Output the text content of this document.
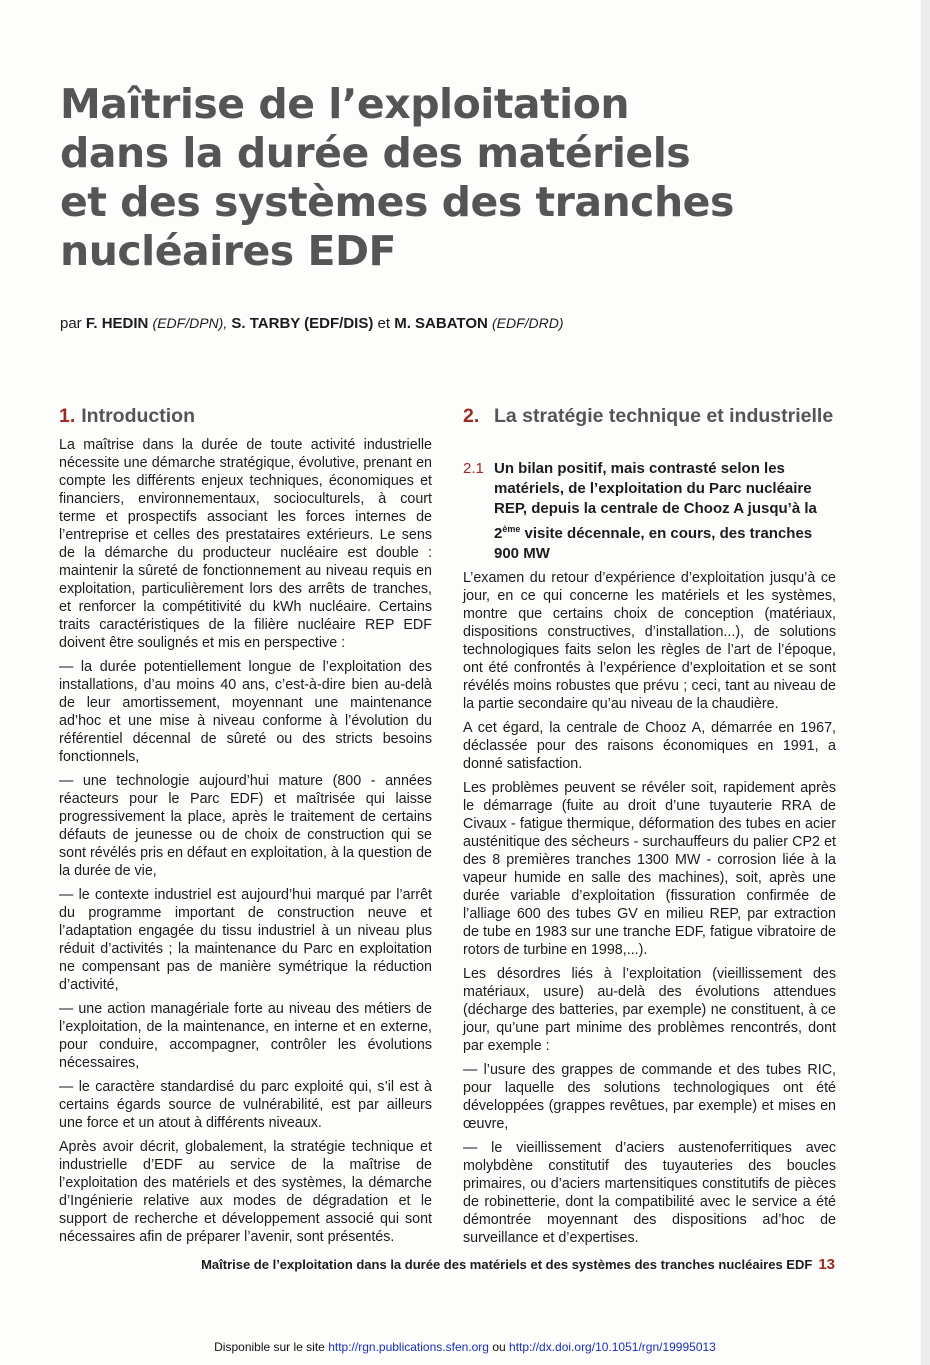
Maîtrise de l’exploitation
dans la durée des matériels
et des systèmes des tranches
nucléaires EDF
par F. HEDIN (EDF/DPN), S. TARBY (EDF/DIS) et M. SABATON (EDF/DRD)
1. Introduction

La maîtrise dans la durée de toute activité industrielle nécessite une démarche stratégique, évolutive, prenant en compte les différents enjeux techniques, économiques et financiers, environnementaux, socioculturels, à court terme et prospectifs associant les forces internes de l’entreprise et celles des prestataires extérieurs. Le sens de la démarche du producteur nucléaire est double : maintenir la sûreté de fonctionnement au niveau requis en exploitation, particulièrement lors des arrêts de tranches, et renforcer la compétitivité du kWh nucléaire. Certains traits caractéristiques de la filière nucléaire REP EDF doivent être soulignés et mis en perspective :

— la durée potentiellement longue de l’exploitation des installations, d’au moins 40 ans, c’est-à-dire bien au-delà de leur amortissement, moyennant une maintenance ad’hoc et une mise à niveau conforme à l’évolution du référentiel décennal de sûreté ou des stricts besoins fonctionnels,

— une technologie aujourd’hui mature (800 - années réacteurs pour le Parc EDF) et maîtrisée qui laisse progressivement la place, après le traitement de certains défauts de jeunesse ou de choix de construction qui se sont révélés pris en défaut en exploitation, à la question de la durée de vie,

— le contexte industriel est aujourd’hui marqué par l’arrêt du programme important de construction neuve et l’adaptation engagée du tissu industriel à un niveau plus réduit d’activités ; la maintenance du Parc en exploitation ne compensant pas de manière symétrique la réduction d’activité,

— une action managériale forte au niveau des métiers de l’exploitation, de la maintenance, en interne et en externe, pour conduire, accompagner, contrôler les évolutions nécessaires,

— le caractère standardisé du parc exploité qui, s’il est à certains égards source de vulnérabilité, est par ailleurs une force et un atout à différents niveaux.

Après avoir décrit, globalement, la stratégie technique et industrielle d’EDF au service de la maîtrise de l’exploitation des matériels et des systèmes, la démarche d’Ingénierie relative aux modes de dégradation et le support de recherche et développement associé qui sont nécessaires afin de préparer l’avenir, sont présentés.

2. La stratégie technique et industrielle
2.1 Un bilan positif, mais contrasté selon les matériels, de l’exploitation du Parc nucléaire REP, depuis la centrale de Chooz A jusqu’à la 2ème visite décennale, en cours, des tranches 900 MW

L’examen du retour d’expérience d’exploitation jusqu’à ce jour, en ce qui concerne les matériels et les systèmes, montre que certains choix de conception (matériaux, dispositions constructives, d’installation...), de solutions technologiques faits selon les règles de l’art de l’époque, ont été confrontés à l’expérience d’exploitation et se sont révélés moins robustes que prévu ; ceci, tant au niveau de la partie secondaire qu’au niveau de la chaudière.

A cet égard, la centrale de Chooz A, démarrée en 1967, déclassée pour des raisons économiques en 1991, a donné satisfaction.

Les problèmes peuvent se révéler soit, rapidement après le démarrage (fuite au droit d’une tuyauterie RRA de Civaux - fatigue thermique, déformation des tubes en acier austénitique des sécheurs - surchauffeurs du palier CP2 et des 8 premières tranches 1300 MW - corrosion liée à la vapeur humide en salle des machines), soit, après une durée variable d’exploitation (fissuration confirmée de l’alliage 600 des tubes GV en milieu REP, par extraction de tube en 1983 sur une tranche EDF, fatigue vibratoire de rotors de turbine en 1998,...).

Les désordres liés à l’exploitation (vieillissement des matériaux, usure) au-delà des évolutions attendues (décharge des batteries, par exemple) ne constituent, à ce jour, qu’une part minime des problèmes rencontrés, dont par exemple :

— l’usure des grappes de commande et des tubes RIC, pour laquelle des solutions technologiques ont été développées (grappes revêtues, par exemple) et mises en œuvre,

— le vieillissement d’aciers austenoferritiques avec molybdène constitutif des tuyauteries des boucles primaires, ou d’aciers martensitiques constitutifs de pièces de robinetterie, dont la compatibilité avec le service a été démontrée moyennant des dispositions ad’hoc de surveillance et d’expertises.

Maîtrise de l’exploitation dans la durée des matériels et des systèmes des tranches nucléaires EDF 13
Disponible sur le site http://rgn.publications.sfen.org ou http://dx.doi.org/10.1051/rgn/19995013
